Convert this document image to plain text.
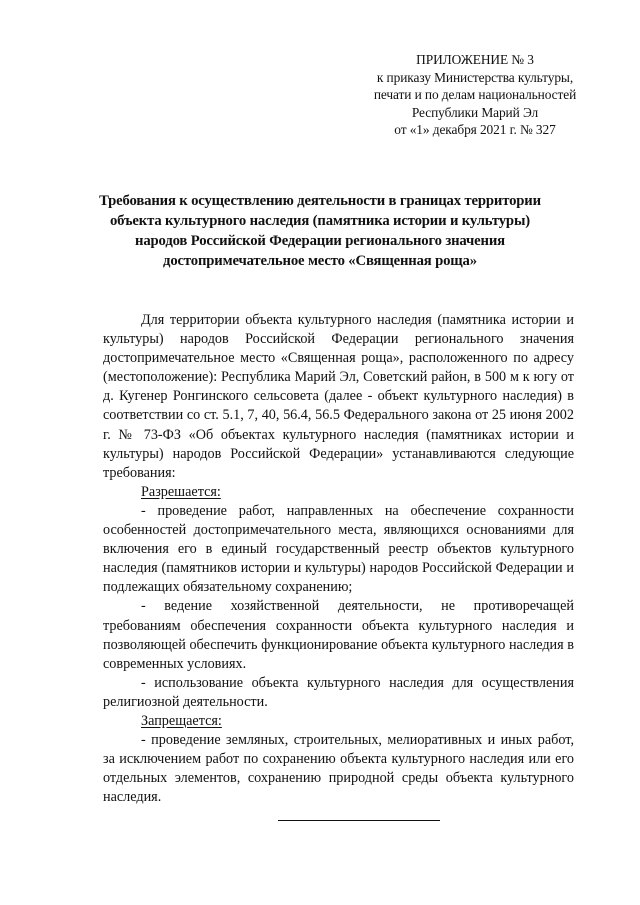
ПРИЛОЖЕНИЕ № 3
к приказу Министерства культуры,
печати и по делам национальностей
Республики Марий Эл
от «1» декабря 2021 г. № 327
Требования к осуществлению деятельности в границах территории
объекта культурного наследия (памятника истории и культуры)
народов Российской Федерации регионального значения
достопримечательное место «Священная роща»

Для территории объекта культурного наследия (памятника истории и культуры) народов Российской Федерации регионального значения достопримечательное место «Священная роща», расположенного по адресу (местоположение): Республика Марий Эл, Советский район, в 500 м к югу от д. Кугенер Ронгинского сельсовета (далее - объект культурного наследия) в соответствии со ст. 5.1, 7, 40, 56.4, 56.5 Федерального закона от 25 июня 2002 г. № 73-ФЗ «Об объектах культурного наследия (памятниках истории и культуры) народов Российской Федерации» устанавливаются следующие требования:

Разрешается:

- проведение работ, направленных на обеспечение сохранности особенностей достопримечательного места, являющихся основаниями для включения его в единый государственный реестр объектов культурного наследия (памятников истории и культуры) народов Российской Федерации и подлежащих обязательному сохранению;

- ведение хозяйственной деятельности, не противоречащей требованиям обеспечения сохранности объекта культурного наследия и позволяющей обеспечить функционирование объекта культурного наследия в современных условиях.

- использование объекта культурного наследия для осуществления религиозной деятельности.

Запрещается:

- проведение земляных, строительных, мелиоративных и иных работ, за исключением работ по сохранению объекта культурного наследия или его отдельных элементов, сохранению природной среды объекта культурного наследия.
